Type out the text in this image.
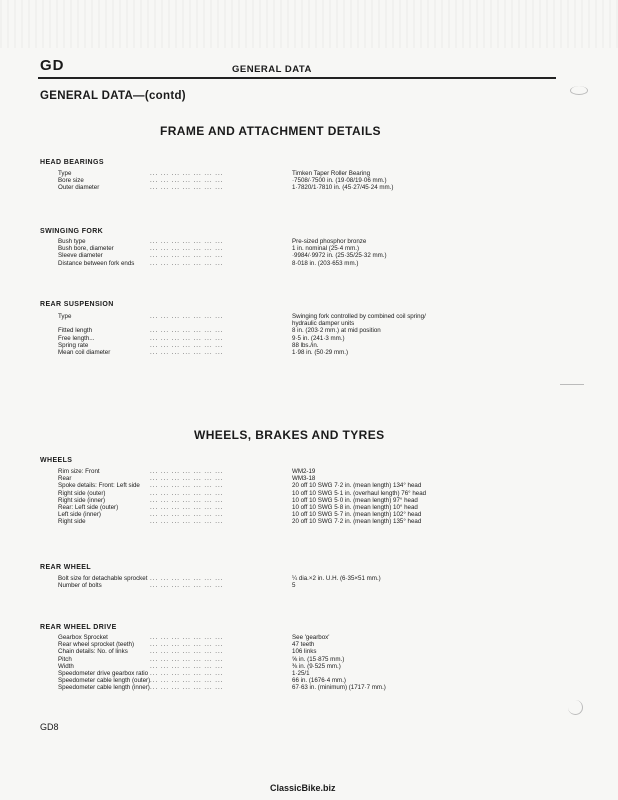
GD	GENERAL DATA
GENERAL DATA—(contd)
FRAME AND ATTACHMENT DETAILS
HEAD BEARINGS
SWINGING FORK
REAR SUSPENSION
WHEELS, BRAKES AND TYRES
WHEELS
REAR WHEEL
REAR WHEEL DRIVE
GD8
ClassicBike.biz
Type	... ... ... ... ... ... ...	Timken Taper Roller Bearing
Bore size	... ... ... ... ... ... ...	·7508/·7500 in. (19·08/19·06 mm.)
Outer diameter	... ... ... ... ... ... ...	1·7820/1·7810 in. (45·27/45·24 mm.)
Bush type	... ... ... ... ... ... ...	Pre-sized phosphor bronze
Bush bore, diameter	... ... ... ... ... ... ...	1 in. nominal (25·4 mm.)
Sleeve diameter	... ... ... ... ... ... ...	·9984/·9972 in. (25·35/25·32 mm.)
Distance between fork ends	... ... ... ... ... ... ...	8·018 in. (203·653 mm.)
Type	... ... ... ... ... ... ...	Swinging fork controlled by combined coil spring/
hydraulic damper units
Fitted length	... ... ... ... ... ... ...	8 in. (203·2 mm.) at mid position
Free length...	... ... ... ... ... ... ...	9·5 in. (241·3 mm.)
Spring rate	... ... ... ... ... ... ...	88 lbs./in.
Mean coil diameter	... ... ... ... ... ... ...	1·98 in. (50·29 mm.)
Rim size: Front	... ... ... ... ... ... ...	WM2-19
Rear	... ... ... ... ... ... ...	WM3-18
Spoke details: Front: Left side ... ... ... ... ... ... ...	20 off 10 SWG 7·2 in. (mean length) 134° head
Right side (outer)	... ... ... ... ... ... ...	10 off 10 SWG 5·1 in. (overhaul length) 76° head
Right side (inner)	... ... ... ... ... ... ...	10 off 10 SWG 5·0 in. (mean length) 97° head
Rear: Left side (outer)	... ... ... ... ... ... ...	10 off 10 SWG 5·8 in. (mean length) 10° head
Left side (inner)	... ... ... ... ... ... ...	10 off 10 SWG 5·7 in. (mean length) 102° head
Right side	... ... ... ... ... ... ...	20 off 10 SWG 7·2 in. (mean length) 135° head
Bolt size for detachable sprocket ... ... ... ... ... ... ...	¼ dia.×2 in. U.H. (6·35×51 mm.)
Number of bolts	... ... ... ... ... ... ...	5
Gearbox Sprocket	... ... ... ... ... ... ...	See 'gearbox'
Rear wheel sprocket (teeth)	... ... ... ... ... ... ...	47 teeth
Chain details: No. of links	... ... ... ... ... ... ...	106 links
Pitch	... ... ... ... ... ... ...	⅝ in. (15·875 mm.)
Width	... ... ... ... ... ... ...	⅜ in. (9·525 mm.)
Speedometer drive gearbox ratio ... ... ... ... ... ... ...	1·25/1
Speedometer cable length (outer) ... ... ... ... ... ... ...	66 in. (1676·4 mm.)
Speedometer cable length (inner) ... ... ... ... ... ... ...	67·63 in. (minimum) (1717·7 mm.)
